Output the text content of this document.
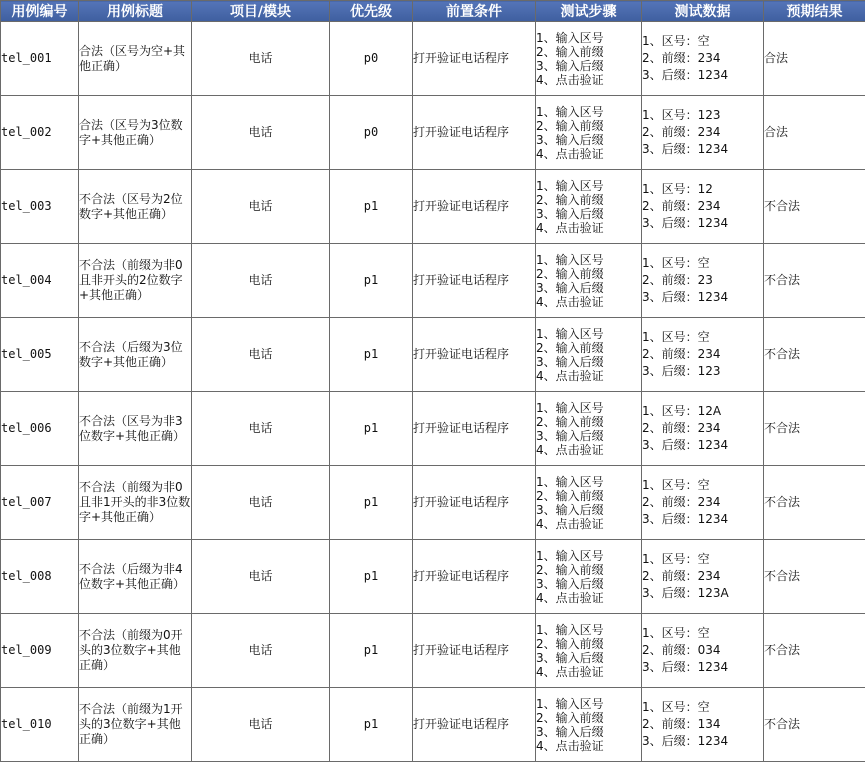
用例编号	用例标题	项目/模块	优先级	前置条件	测试步骤	测试数据	预期结果
tel_001	合法（区号为空+其他正确）	电话	p0	打开验证电话程序	1、输入区号
2、输入前缀
3、输入后缀
4、点击验证	1、区号：空
2、前缀：234
3、后缀：1234	合法
tel_002	合法（区号为3位数字+其他正确）	电话	p0	打开验证电话程序	1、输入区号
2、输入前缀
3、输入后缀
4、点击验证	1、区号：123
2、前缀：234
3、后缀：1234	合法
tel_003	不合法（区号为2位数字+其他正确）	电话	p1	打开验证电话程序	1、输入区号
2、输入前缀
3、输入后缀
4、点击验证	1、区号：12
2、前缀：234
3、后缀：1234	不合法
tel_004	不合法（前缀为非0且非开头的2位数字+其他正确）	电话	p1	打开验证电话程序	1、输入区号
2、输入前缀
3、输入后缀
4、点击验证	1、区号：空
2、前缀：23
3、后缀：1234	不合法
tel_005	不合法（后缀为3位数字+其他正确）	电话	p1	打开验证电话程序	1、输入区号
2、输入前缀
3、输入后缀
4、点击验证	1、区号：空
2、前缀：234
3、后缀：123	不合法
tel_006	不合法（区号为非3位数字+其他正确）	电话	p1	打开验证电话程序	1、输入区号
2、输入前缀
3、输入后缀
4、点击验证	1、区号：12A
2、前缀：234
3、后缀：1234	不合法
tel_007	不合法（前缀为非0且非1开头的非3位数字+其他正确）	电话	p1	打开验证电话程序	1、输入区号
2、输入前缀
3、输入后缀
4、点击验证	1、区号：空
2、前缀：234
3、后缀：1234	不合法
tel_008	不合法（后缀为非4位数字+其他正确）	电话	p1	打开验证电话程序	1、输入区号
2、输入前缀
3、输入后缀
4、点击验证	1、区号：空
2、前缀：234
3、后缀：123A	不合法
tel_009	不合法（前缀为0开头的3位数字+其他正确）	电话	p1	打开验证电话程序	1、输入区号
2、输入前缀
3、输入后缀
4、点击验证	1、区号：空
2、前缀：034
3、后缀：1234	不合法
tel_010	不合法（前缀为1开头的3位数字+其他正确）	电话	p1	打开验证电话程序	1、输入区号
2、输入前缀
3、输入后缀
4、点击验证	1、区号：空
2、前缀：134
3、后缀：1234	不合法
